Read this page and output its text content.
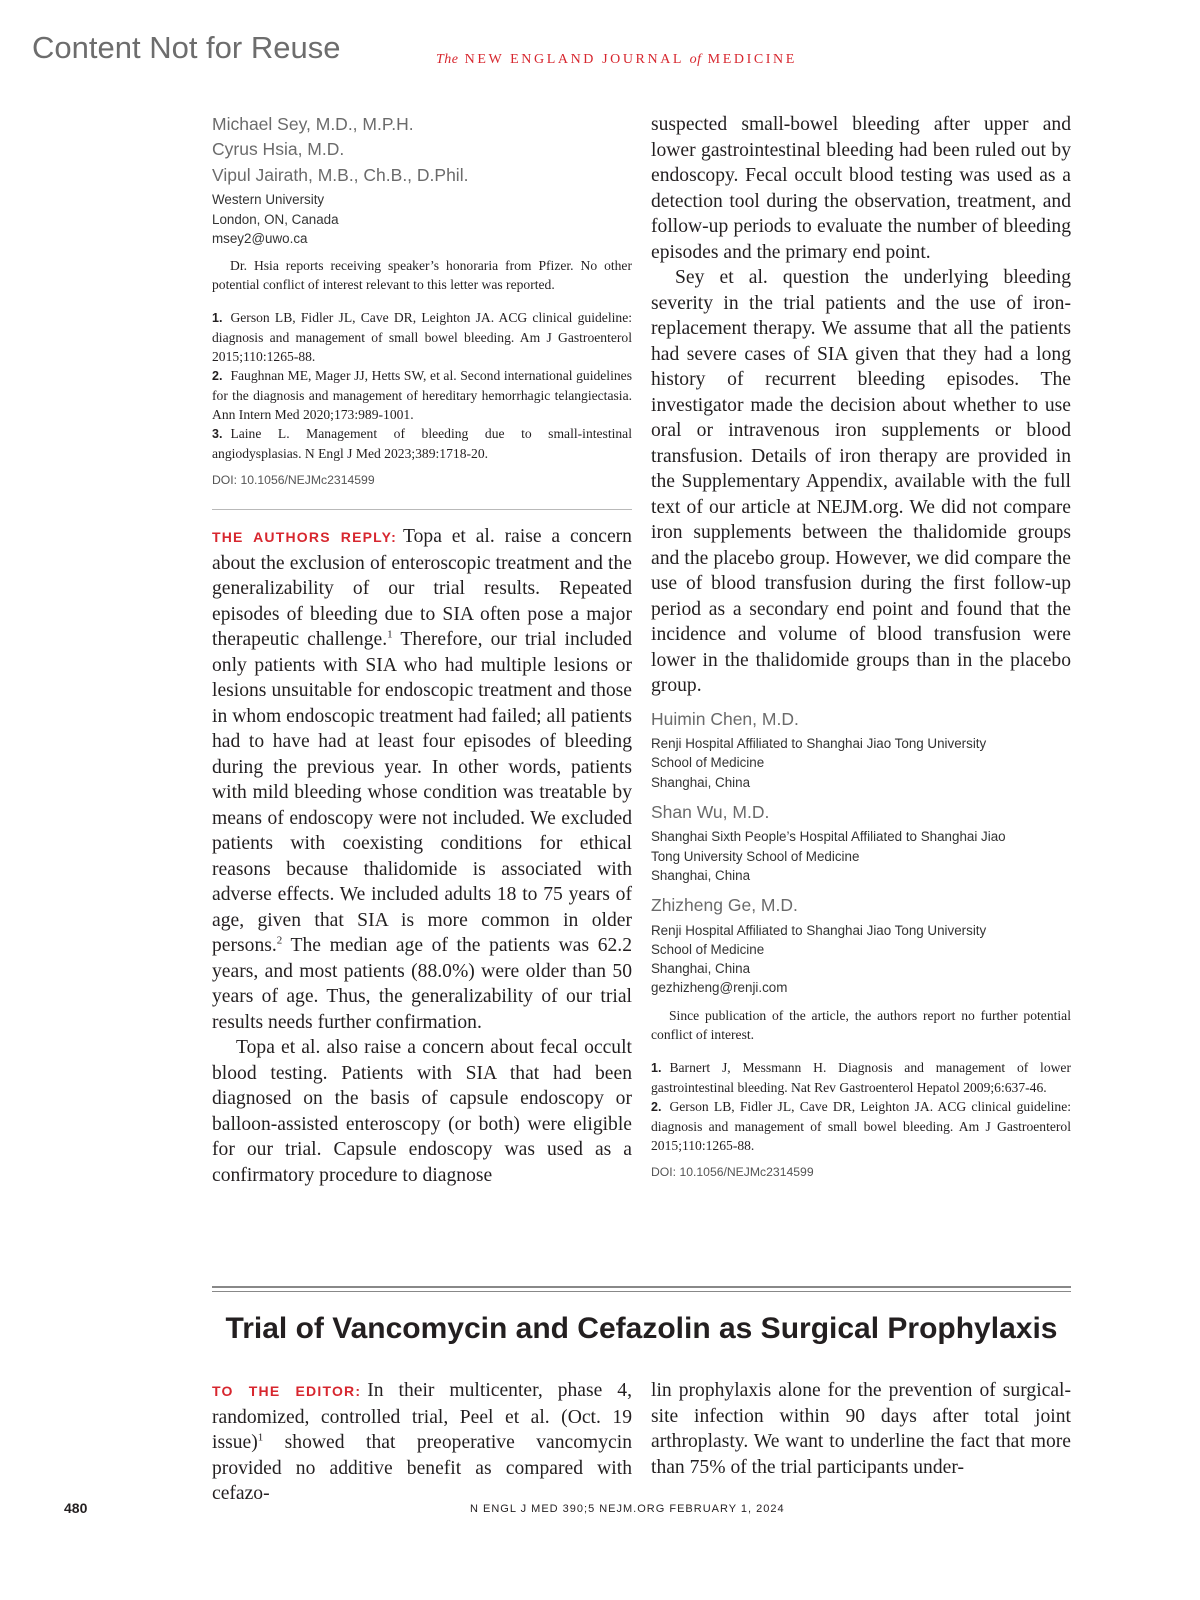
Content Not for Reuse	The NEW ENGLAND JOURNAL of MEDICINE

Michael Sey, M.D., M.P.H.

Cyrus Hsia, M.D.

Vipul Jairath, M.B., Ch.B., D.Phil.

Western University
London, ON, Canada
msey2@uwo.ca

Dr. Hsia reports receiving speaker’s honoraria from Pfizer. No other potential conflict of interest relevant to this letter was reported.

1. Gerson LB, Fidler JL, Cave DR, Leighton JA. ACG clinical guideline: diagnosis and management of small bowel bleeding. Am J Gastroenterol 2015;110:1265-88.
2. Faughnan ME, Mager JJ, Hetts SW, et al. Second international guidelines for the diagnosis and management of hereditary hemorrhagic telangiectasia. Ann Intern Med 2020;173:989-1001.
3. Laine L. Management of bleeding due to small-intestinal angiodysplasias. N Engl J Med 2023;389:1718-20.

DOI: 10.1056/NEJMc2314599

THE AUTHORS REPLY: Topa et al. raise a concern about the exclusion of enteroscopic treatment and the generalizability of our trial results. Repeated episodes of bleeding due to SIA often pose a major therapeutic challenge.$^1$ Therefore, our trial included only patients with SIA who had multiple lesions or lesions unsuitable for endoscopic treatment and those in whom endoscopic treatment had failed; all patients had to have had at least four episodes of bleeding during the previous year. In other words, patients with mild bleeding whose condition was treatable by means of endoscopy were not included. We excluded patients with coexisting conditions for ethical reasons because thalidomide is associated with adverse effects. We included adults 18 to 75 years of age, given that SIA is more common in older persons.$^2$ The median age of the patients was 62.2 years, and most patients (88.0%) were older than 50 years of age. Thus, the generalizability of our trial results needs further confirmation.

Topa et al. also raise a concern about fecal occult blood testing. Patients with SIA that had been diagnosed on the basis of capsule endoscopy or balloon-assisted enteroscopy (or both) were eligible for our trial. Capsule endoscopy was used as a confirmatory procedure to diagnose

suspected small-bowel bleeding after upper and lower gastrointestinal bleeding had been ruled out by endoscopy. Fecal occult blood testing was used as a detection tool during the observation, treatment, and follow-up periods to evaluate the number of bleeding episodes and the primary end point.

Sey et al. question the underlying bleeding severity in the trial patients and the use of iron-replacement therapy. We assume that all the patients had severe cases of SIA given that they had a long history of recurrent bleeding episodes. The investigator made the decision about whether to use oral or intravenous iron supplements or blood transfusion. Details of iron therapy are provided in the Supplementary Appendix, available with the full text of our article at NEJM.org. We did not compare iron supplements between the thalidomide groups and the placebo group. However, we did compare the use of blood transfusion during the first follow-up period as a secondary end point and found that the incidence and volume of blood transfusion were lower in the thalidomide groups than in the placebo group.

Huimin Chen, M.D.

Renji Hospital Affiliated to Shanghai Jiao Tong University
School of Medicine
Shanghai, China

Shan Wu, M.D.

Shanghai Sixth People’s Hospital Affiliated to Shanghai Jiao
Tong University School of Medicine
Shanghai, China

Zhizheng Ge, M.D.

Renji Hospital Affiliated to Shanghai Jiao Tong University
School of Medicine
Shanghai, China
gezhizheng@renji.com

Since publication of the article, the authors report no further potential conflict of interest.

1. Barnert J, Messmann H. Diagnosis and management of lower gastrointestinal bleeding. Nat Rev Gastroenterol Hepatol 2009;6:637-46.
2. Gerson LB, Fidler JL, Cave DR, Leighton JA. ACG clinical guideline: diagnosis and management of small bowel bleeding. Am J Gastroenterol 2015;110:1265-88.

DOI: 10.1056/NEJMc2314599

Trial of Vancomycin and Cefazolin as Surgical Prophylaxis

TO THE EDITOR: In their multicenter, phase 4, randomized, controlled trial, Peel et al. (Oct. 19 issue)$^1$ showed that preoperative vancomycin provided no additive benefit as compared with cefazo-

lin prophylaxis alone for the prevention of surgical-site infection within 90 days after total joint arthroplasty. We want to underline the fact that more than 75% of the trial participants under-

480	N ENGL J MED 390;5 NEJM.ORG FEBRUARY 1, 2024
